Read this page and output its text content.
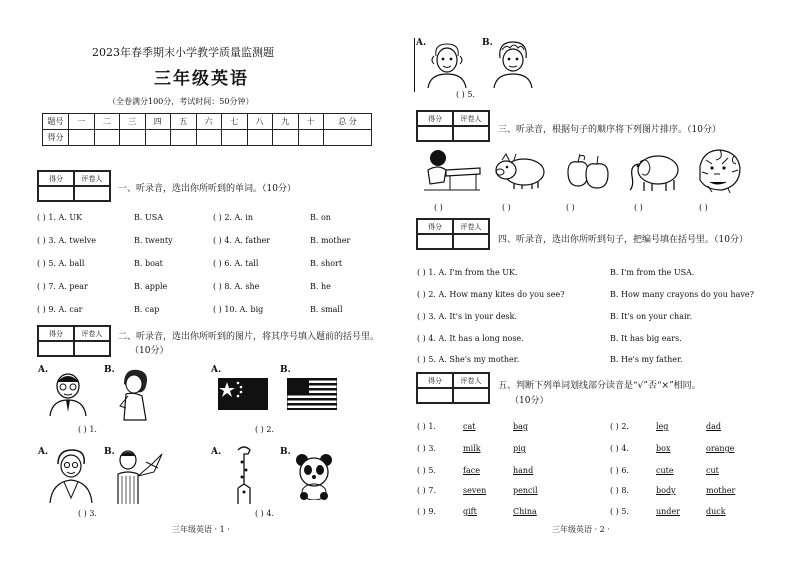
2023年春季期末小学教学质量监测题
三年级英语
（全卷满分100分，考试时间：50分钟）
题号	一	二	三	四	五	六	七	八	九	十	总 分
得分											
得分	评卷人
一、听录音，选出你所听到的单词。（10分）
( ) 1. A. UK	B. USA	( ) 2. A. in	B. on
( ) 3. A. twelve	B. twenty	( ) 4. A. father	B. mother
( ) 5. A. ball	B. boat	( ) 6. A. tall	B. short
( ) 7. A. pear	B. apple	( ) 8. A. she	B. he
( ) 9. A. car	B. cap	( ) 10. A. big	B. small
得分	评卷人	二、听录音，选出你所听到的图片，将其序号填入题前的括号里。
（10分）
A.	B.
( ) 1.
A.	B.
( ) 2.
A.	B.
( ) 3.
A.	B.
( ) 4.
三年级英语 · 1 ·
A.	B.
( ) 5.
得分	评卷人
三、听录音，根据句子的顺序将下列图片排序。（10分）
( )	( )	( )	( )	( )
得分	评卷人
四、听录音，选出你所听到句子，把编号填在括号里。（10分）
( ) 1. A. I'm from the UK.	B. I'm from the USA.
( ) 2. A. How many kites do you see?	B. How many crayons do you have?
( ) 3. A. It's in your desk.	B. It's on your chair.
( ) 4. A. It has a long nose.	B. It has big ears.
( ) 5. A. She's my mother.	B. He's my father.
得分	评卷人
五、判断下列单词划线部分读音是“√”否“×”相同。
（10分）
( ) 1.	cat	bag	( ) 2.	leg	dad
( ) 3.	milk	pig	( ) 4.	box	orange
( ) 5.	face	hand	( ) 6.	cute	cut
( ) 7.	seven	pencil	( ) 8.	body	mother
( ) 9.	gift	China	( ) 5.	under	duck
三年级英语 · 2 ·
